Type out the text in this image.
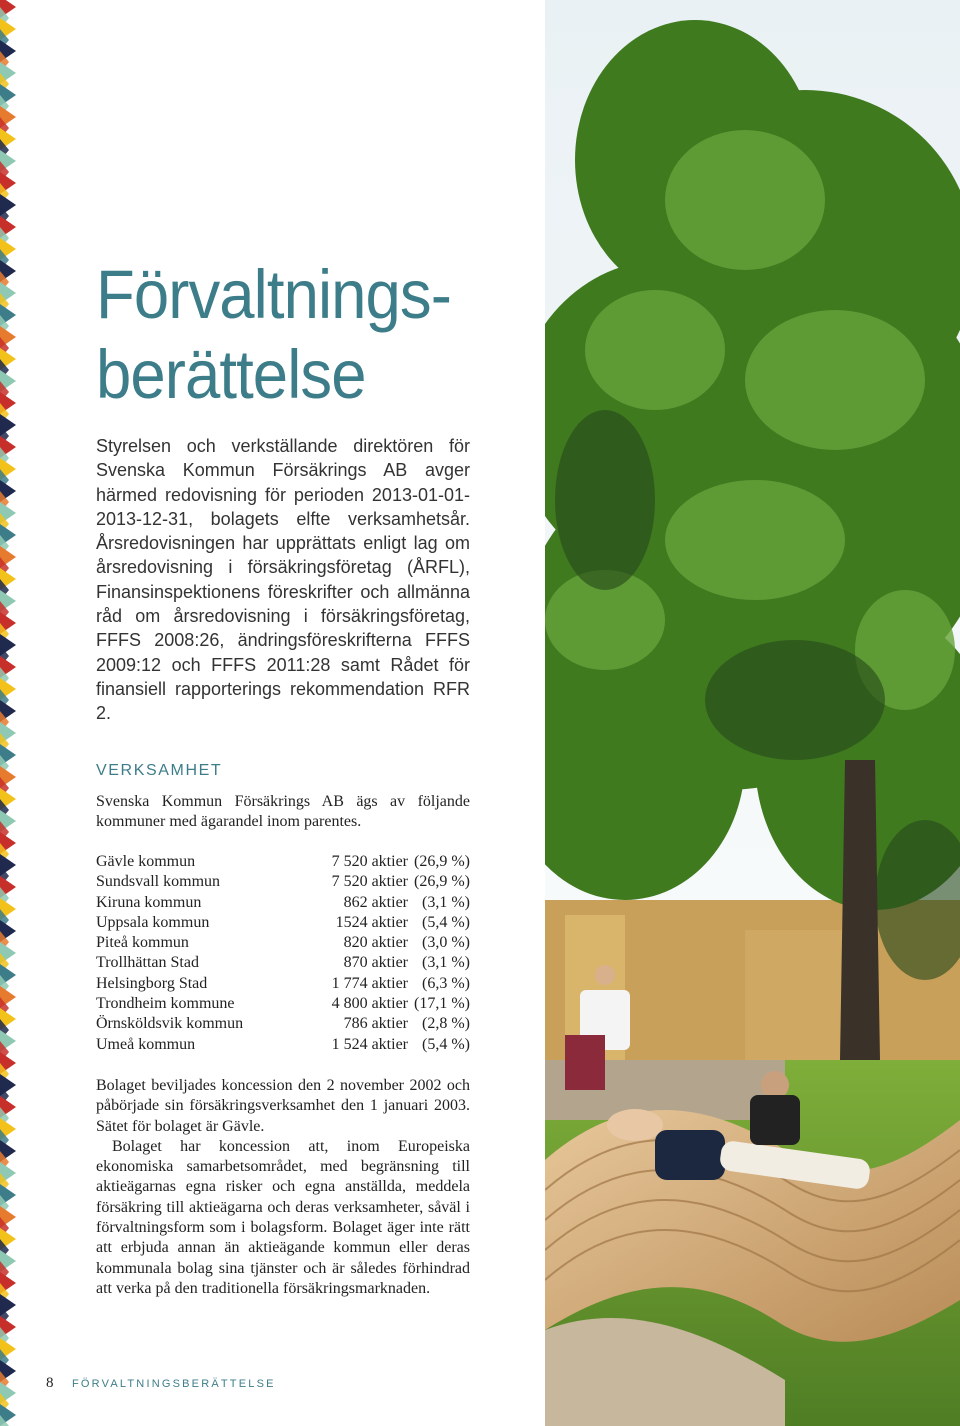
Förvaltnings-
berättelse

Styrelsen och verkställande direktören för Svenska Kommun Försäkrings AB avger härmed redovisning för perioden 2013-01-01-2013-12-31, bolagets elfte verksamhetsår. Årsredovisningen har upprättats enligt lag om årsredovisning i försäkringsföretag (ÅRFL), Finansinspektionens föreskrifter och allmänna råd om årsredovisning i försäkringsföretag, FFFS 2008:26, ändringsföreskrifterna FFFS 2009:12 och FFFS 2011:28 samt Rådet för finansiell rapporterings rekommendation RFR 2.

VERKSAMHET

Svenska Kommun Försäkrings AB ägs av följande kommuner med ägarandel inom parentes.

Gävle kommun	7 520 aktier (26,9 %)
Sundsvall kommun	7 520 aktier (26,9 %)
Kiruna kommun	862 aktier (3,1 %)
Uppsala kommun	1524 aktier (5,4 %)
Piteå kommun	820 aktier (3,0 %)
Trollhättan Stad	870 aktier (3,1 %)
Helsingborg Stad	1 774 aktier (6,3 %)
Trondheim kommune	4 800 aktier (17,1 %)
Örnsköldsvik kommun	786 aktier (2,8 %)
Umeå kommun	1 524 aktier (5,4 %)

Bolaget beviljades koncession den 2 november 2002 och påbörjade sin försäkringsverksamhet den 1 januari 2003. Sätet för bolaget är Gävle.

Bolaget har koncession att, inom Europeiska ekonomiska samarbetsområdet, med begränsning till aktieägarnas egna risker och egna anställda, meddela försäkring till aktieägarna och deras verksamheter, såväl i förvaltningsform som i bolagsform. Bolaget äger inte rätt att erbjuda annan än aktieägande kommun eller deras kommunala bolag sina tjänster och är således förhindrad att verka på den traditionella försäkringsmarknaden.

8	FÖRVALTNINGSBERÄTTELSE
